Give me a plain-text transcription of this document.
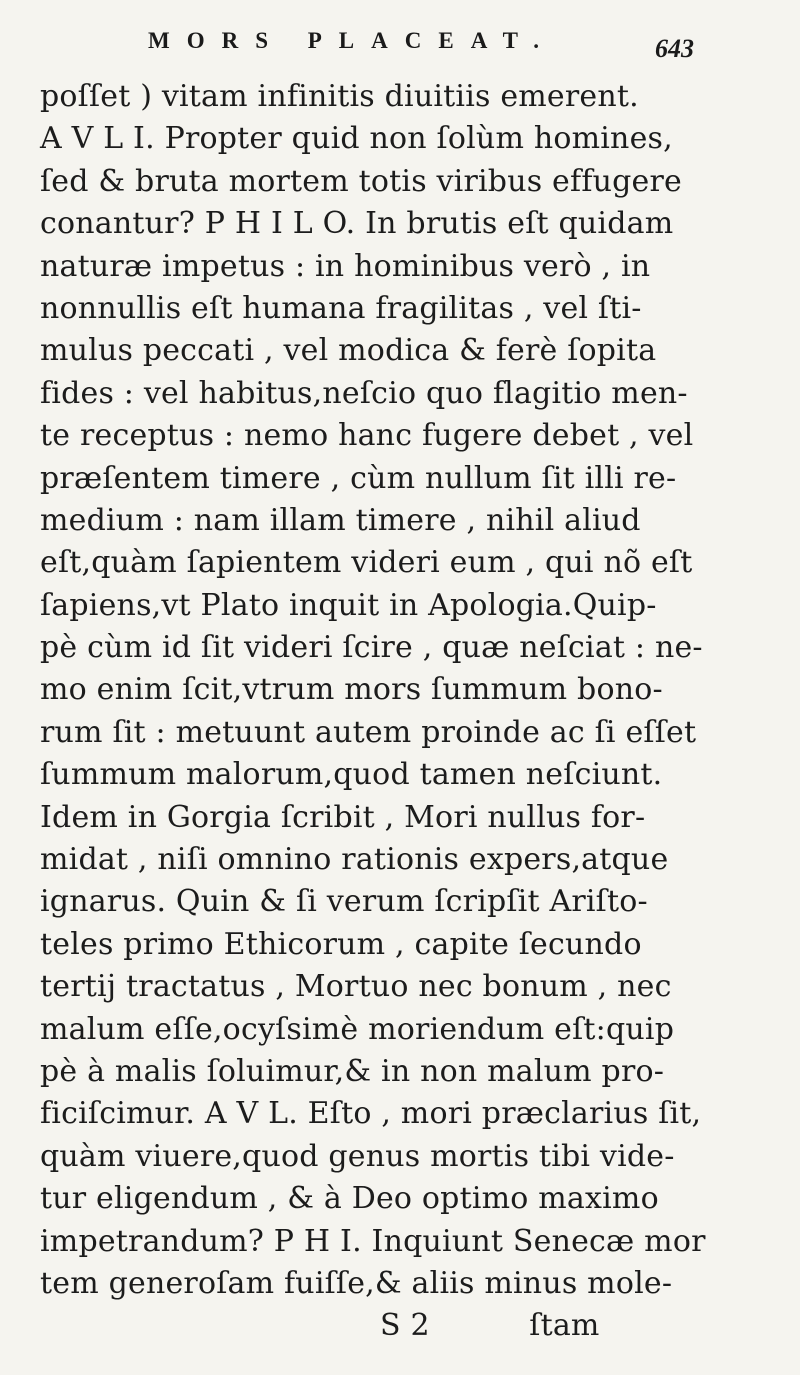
MORS PLACEAT.	643
poſſet ) vitam infinitis diuitiis emerent.
A V L I. Propter quid non ſolùm homines,
ſed & bruta mortem totis viribus effugere
conantur? P H I L O. In brutis eſt quidam
naturæ impetus : in hominibus verò , in
nonnullis eſt humana fragilitas , vel ſti-
mulus peccati , vel modica & ferè ſopita
fides : vel habitus,neſcio quo flagitio men-
te receptus : nemo hanc fugere debet , vel
præſentem timere , cùm nullum ſit illi re-
medium : nam illam timere , nihil aliud
eſt,quàm ſapientem videri eum , qui nõ eſt
ſapiens,vt Plato inquit in Apologia.Quip-
pè cùm id ſit videri ſcire , quæ neſciat : ne-
mo enim ſcit,vtrum mors ſummum bono-
rum ſit : metuunt autem proinde ac ſi eſſet
ſummum malorum,quod tamen neſciunt.
Idem in Gorgia ſcribit , Mori nullus for-
midat , niſi omnino rationis expers,atque
ignarus. Quin & ſi verum ſcripſit Ariſto-
teles primo Ethicorum , capite ſecundo
tertij tractatus , Mortuo nec bonum , nec
malum eſſe,ocyſsimè moriendum eſt:quip
pè à malis ſoluimur,& in non malum pro-
ficiſcimur. A V L. Eſto , mori præclarius ſit,
quàm viuere,quod genus mortis tibi vide-
tur eligendum , & à Deo optimo maximo
impetrandum? P H I. Inquiunt Senecæ mor
tem generoſam fuiſſe,& aliis minus mole-
S 2	ſtam
